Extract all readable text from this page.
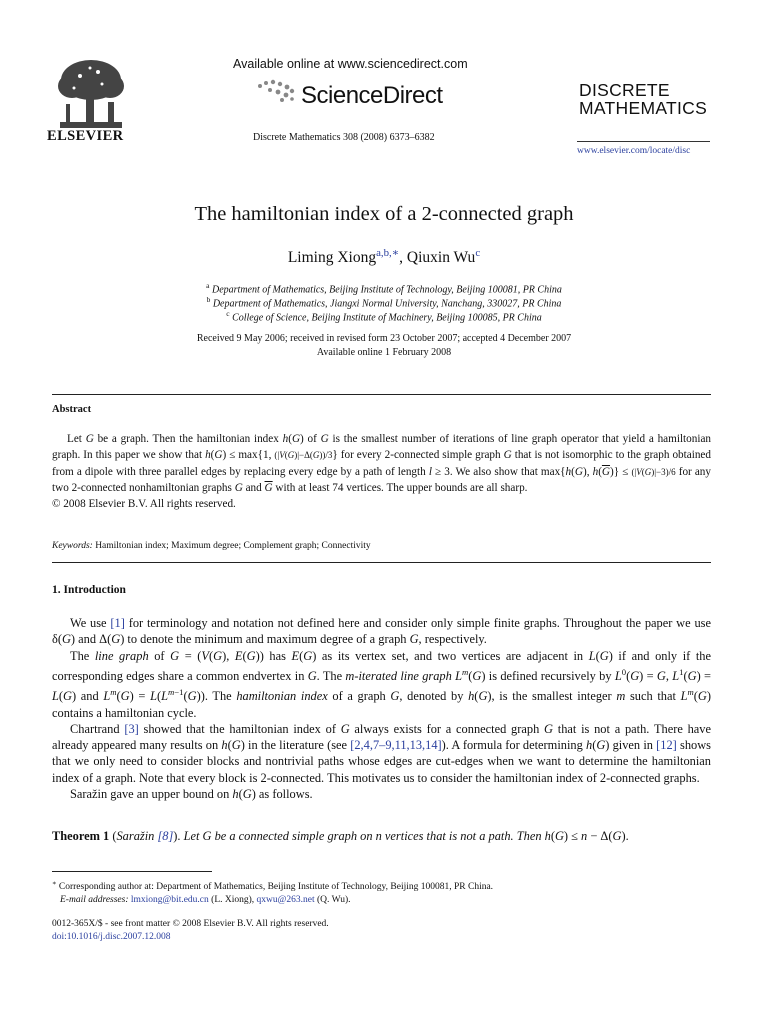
ELSEVIER
Available online at www.sciencedirect.com
ScienceDirect
Discrete Mathematics 308 (2008) 6373–6382
DISCRETE
MATHEMATICS
www.elsevier.com/locate/disc
The hamiltonian index of a 2-connected graph
Liming Xiong$^{a,b,∗}$, Qiuxin Wu$^c$
$^a$ Department of Mathematics, Beijing Institute of Technology, Beijing 100081, PR China
$^b$ Department of Mathematics, Jiangxi Normal University, Nanchang, 330027, PR China
$^c$ College of Science, Beijing Institute of Machinery, Beijing 100085, PR China
Received 9 May 2006; received in revised form 23 October 2007; accepted 4 December 2007
Available online 1 February 2008
Abstract
Let G be a graph. Then the hamiltonian index h(G) of G is the smallest number of iterations of line graph operator that yield a hamiltonian graph. In this paper we show that h(G) ≤ max{1, (|V(G)|−Δ(G))/3} for every 2-connected simple graph G that is not isomorphic to the graph obtained from a dipole with three parallel edges by replacing every edge by a path of length l ≥ 3. We also show that max{h(G), $h(\overline{G})\} \le (|V(G)|-3)/6$ for any two 2-connected nonhamiltonian graphs G and $\overline{G}$ with at least 74 vertices. The upper bounds are all sharp.
© 2008 Elsevier B.V. All rights reserved.
Keywords: Hamiltonian index; Maximum degree; Complement graph; Connectivity
1. Introduction

We use [1] for terminology and notation not defined here and consider only simple finite graphs. Throughout the paper we use δ(G) and Δ(G) to denote the minimum and maximum degree of a graph G, respectively.

The line graph of G = (V(G), E(G)) has E(G) as its vertex set, and two vertices are adjacent in L(G) if and only if the corresponding edges share a common endvertex in G. The m-iterated line graph $L^m(G)$ is defined recursively by $L^0(G) = G$, $L^1(G) = L(G)$ and $L^m(G) = L(L^{m-1}(G))$. The hamiltonian index of a graph G, denoted by h(G), is the smallest integer m such that $L^m(G)$ contains a hamiltonian cycle.

Chartrand [3] showed that the hamiltonian index of G always exists for a connected graph G that is not a path. There have already appeared many results on h(G) in the literature (see [2,4,7–9,11,13,14]). A formula for determining h(G) given in [12] shows that we only need to consider blocks and nontrivial paths whose edges are cut-edges when we want to determine the hamiltonian index of a graph. Note that every block is 2-connected. This motivates us to consider the hamiltonian index of 2-connected graphs.

Saražin gave an upper bound on h(G) as follows.

Theorem 1 (Saražin [8]). Let G be a connected simple graph on n vertices that is not a path. Then h(G) ≤ n − Δ(G).
∗ Corresponding author at: Department of Mathematics, Beijing Institute of Technology, Beijing 100081, PR China.
E-mail addresses: lmxiong@bit.edu.cn (L. Xiong), qxwu@263.net (Q. Wu).
0012-365X/$ - see front matter © 2008 Elsevier B.V. All rights reserved.
doi:10.1016/j.disc.2007.12.008
